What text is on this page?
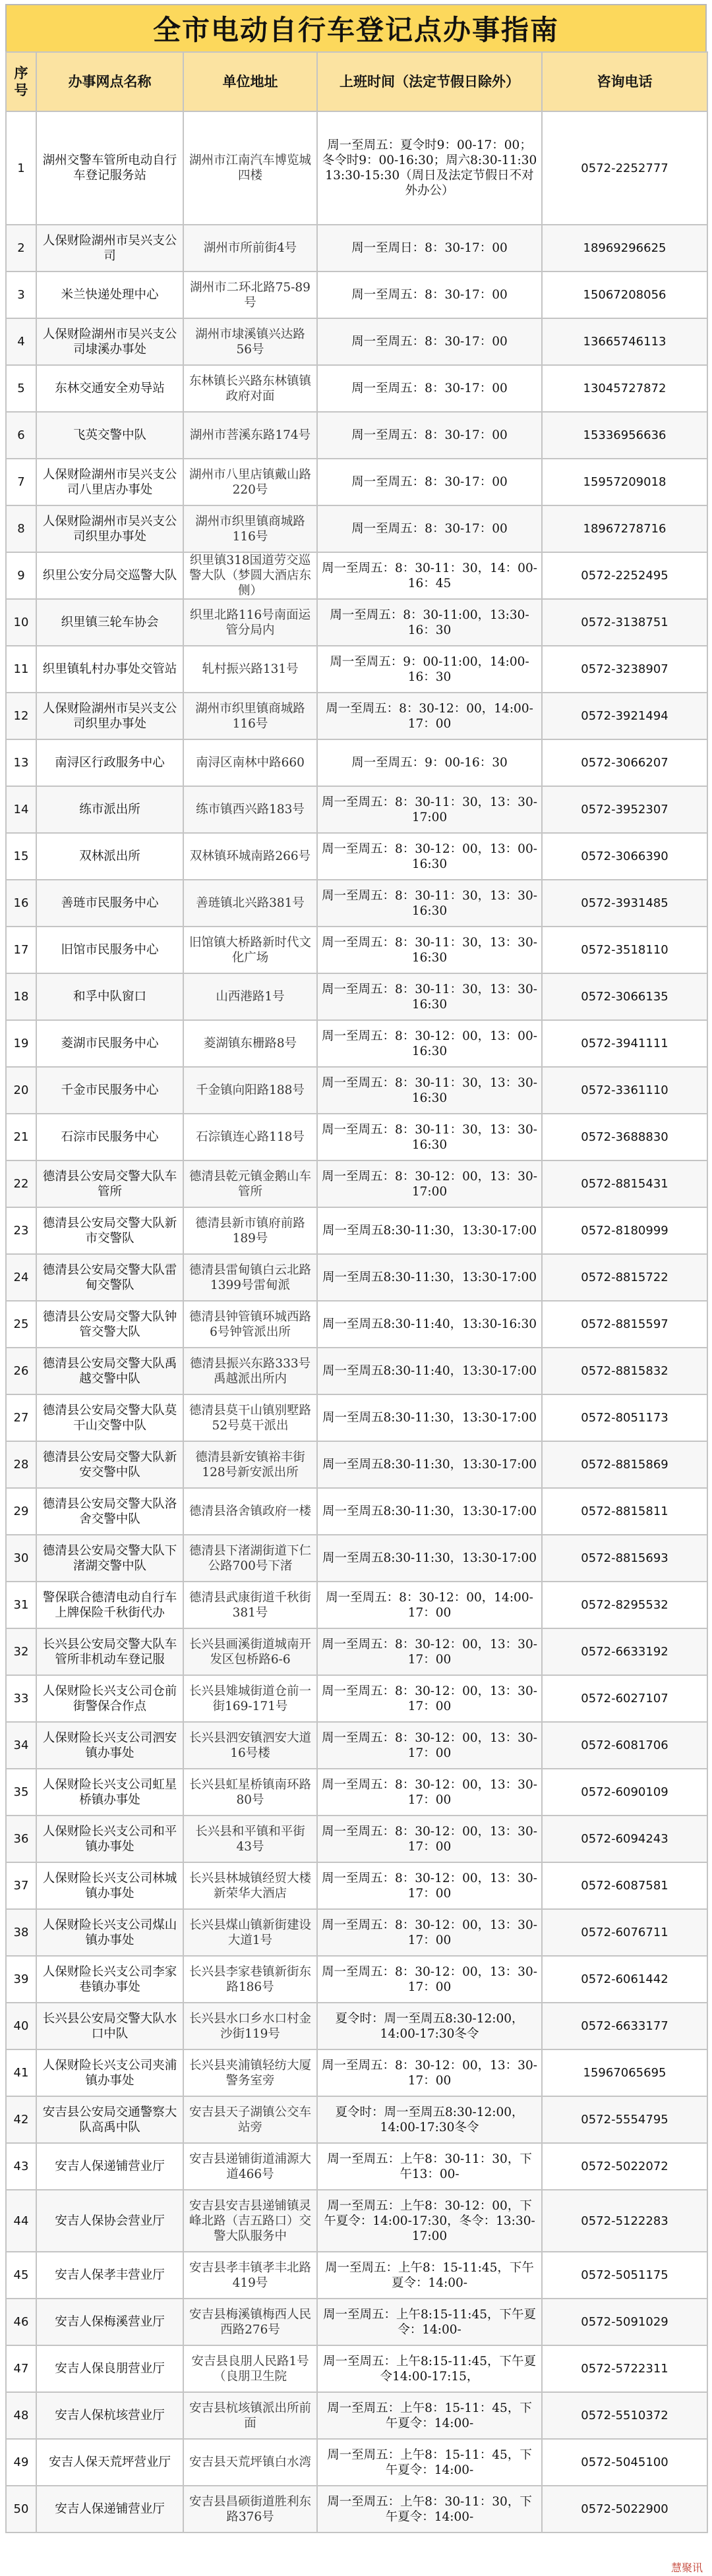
全市电动自行车登记点办事指南
序号	办事网点名称	单位地址	上班时间（法定节假日除外）	咨询电话
1	湖州交警车管所电动自行车登记服务站	湖州市江南汽车博览城四楼	周一至周五：夏令时9：00-17：00；冬令时9：00-16:30；周六8:30-11:30 13:30-15:30（周日及法定节假日不对外办公）	0572-2252777
2	人保财险湖州市吴兴支公司	湖州市所前街4号	周一至周日：8：30-17：00	18969296625
3	米兰快递处理中心	湖州市二环北路75-89号	周一至周五：8：30-17：00	15067208056
4	人保财险湖州市吴兴支公司埭溪办事处	湖州市埭溪镇兴达路56号	周一至周五：8：30-17：00	13665746113
5	东林交通安全劝导站	东林镇长兴路东林镇镇政府对面	周一至周五：8：30-17：00	13045727872
6	飞英交警中队	湖州市菩溪东路174号	周一至周五：8：30-17：00	15336956636
7	人保财险湖州市吴兴支公司八里店办事处	湖州市八里店镇戴山路220号	周一至周五：8：30-17：00	15957209018
8	人保财险湖州市吴兴支公司织里办事处	湖州市织里镇商城路116号	周一至周五：8：30-17：00	18967278716
9	织里公安分局交巡警大队	织里镇318国道劳交巡警大队（梦圆大酒店东侧）	周一至周五：8：30-11：30，14：00-16：45	0572-2252495
10	织里镇三轮车协会	织里北路116号南面运管分局内	周一至周五：8：30-11:00，13:30-16：30	0572-3138751
11	织里镇轧村办事处交管站	轧村振兴路131号	周一至周五：9：00-11:00，14:00-16：30	0572-3238907
12	人保财险湖州市吴兴支公司织里办事处	湖州市织里镇商城路116号	周一至周五：8：30-12：00，14:00-17：00	0572-3921494
13	南浔区行政服务中心	南浔区南林中路660	周一至周五：9：00-16：30	0572-3066207
14	练市派出所	练市镇西兴路183号	周一至周五：8：30-11：30，13：30-17:00	0572-3952307
15	双林派出所	双林镇环城南路266号	周一至周五：8：30-12：00，13：00-16:30	0572-3066390
16	善琏市民服务中心	善琏镇北兴路381号	周一至周五：8：30-11：30，13：30-16:30	0572-3931485
17	旧馆市民服务中心	旧馆镇大桥路新时代文化广场	周一至周五：8：30-11：30，13：30-16:30	0572-3518110
18	和孚中队窗口	山西港路1号	周一至周五：8：30-11：30，13：30-16:30	0572-3066135
19	菱湖市民服务中心	菱湖镇东栅路8号	周一至周五：8：30-12：00，13：00-16:30	0572-3941111
20	千金市民服务中心	千金镇向阳路188号	周一至周五：8：30-11：30，13：30-16:30	0572-3361110
21	石淙市民服务中心	石淙镇连心路118号	周一至周五：8：30-11：30，13：30-16:30	0572-3688830
22	德清县公安局交警大队车管所	德清县乾元镇金鹅山车管所	周一至周五：8：30-12：00，13：30-17:00	0572-8815431
23	德清县公安局交警大队新市交警队	德清县新市镇府前路189号	周一至周五8:30-11:30，13:30-17:00	0572-8180999
24	德清县公安局交警大队雷甸交警队	德清县雷甸镇白云北路1399号雷甸派	周一至周五8:30-11:30，13:30-17:00	0572-8815722
25	德清县公安局交警大队钟管交警大队	德清县钟管镇环城西路6号钟管派出所	周一至周五8:30-11:40，13:30-16:30	0572-8815597
26	德清县公安局交警大队禹越交警中队	德清县振兴东路333号禹越派出所内	周一至周五8:30-11:40，13:30-17:00	0572-8815832
27	德清县公安局交警大队莫干山交警中队	德清县莫干山镇别墅路52号莫干派出	周一至周五8:30-11:30，13:30-17:00	0572-8051173
28	德清县公安局交警大队新安交警中队	德清县新安镇裕丰街128号新安派出所	周一至周五8:30-11:30，13:30-17:00	0572-8815869
29	德清县公安局交警大队洛舍交警中队	德清县洛舍镇政府一楼	周一至周五8:30-11:30，13:30-17:00	0572-8815811
30	德清县公安局交警大队下渚湖交警中队	德清县下渚湖街道下仁公路700号下渚	周一至周五8:30-11:30，13:30-17:00	0572-8815693
31	警保联合德清电动自行车上牌保险千秋街代办	德清县武康街道千秋街381号	周一至周五：8：30-12：00，14:00-17：00	0572-8295532
32	长兴县公安局交警大队车管所非机动车登记服	长兴县画溪街道城南开发区包桥路6-6	周一至周五：8：30-12：00，13：30-17：00	0572-6633192
33	人保财险长兴支公司仓前街警保合作点	长兴县雉城街道仓前一街169-171号	周一至周五：8：30-12：00，13：30-17：00	0572-6027107
34	人保财险长兴支公司泗安镇办事处	长兴县泗安镇泗安大道16号楼	周一至周五：8：30-12：00，13：30-17：00	0572-6081706
35	人保财险长兴支公司虹星桥镇办事处	长兴县虹星桥镇南环路80号	周一至周五：8：30-12：00，13：30-17：00	0572-6090109
36	人保财险长兴支公司和平镇办事处	长兴县和平镇和平街43号	周一至周五：8：30-12：00，13：30-17：00	0572-6094243
37	人保财险长兴支公司林城镇办事处	长兴县林城镇经贸大楼新荣华大酒店	周一至周五：8：30-12：00，13：30-17：00	0572-6087581
38	人保财险长兴支公司煤山镇办事处	长兴县煤山镇新街建设大道1号	周一至周五：8：30-12：00，13：30-17：00	0572-6076711
39	人保财险长兴支公司李家巷镇办事处	长兴县李家巷镇新街东路186号	周一至周五：8：30-12：00，13：30-17：00	0572-6061442
40	长兴县公安局交警大队水口中队	长兴县水口乡水口村金沙街119号	夏令时：周一至周五8:30-12:00，14:00-17:30冬令	0572-6633177
41	人保财险长兴支公司夹浦镇办事处	长兴县夹浦镇轻纺大厦警务室旁	周一至周五：8：30-12：00，13：30-17：00	15967065695
42	安吉县公安局交通警察大队高禹中队	安吉县天子湖镇公交车站旁	夏令时：周一至周五8:30-12:00，14:00-17:30冬令	0572-5554795
43	安吉人保递铺营业厅	安吉县递铺街道浦源大道466号	周一至周五：上午8：30-11：30，下午13：00-	0572-5022072
44	安吉人保协会营业厅	安吉县安吉县递铺镇灵峰北路（吉五路口）交警大队服务中	周一至周五：上午8：30-12：00，下午夏令：14:00-17:30，冬令：13:30-17:00	0572-5122283
45	安吉人保孝丰营业厅	安吉县孝丰镇孝丰北路419号	周一至周五：上午8：15-11:45，下午夏令：14:00-	0572-5051175
46	安吉人保梅溪营业厅	安吉县梅溪镇梅西人民西路276号	周一至周五：上午8:15-11:45，下午夏令：14:00-	0572-5091029
47	安吉人保良朋营业厅	安吉县良朋人民路1号（良朋卫生院	周一至周五：上午8:15-11:45，下午夏令14:00-17:15，	0572-5722311
48	安吉人保杭垓营业厅	安吉县杭垓镇派出所前面	周一至周五：上午8：15-11：45，下午夏令：14:00-	0572-5510372
49	安吉人保天荒坪营业厅	安吉县天荒坪镇白水湾	周一至周五：上午8：15-11：45，下午夏令：14:00-	0572-5045100
50	安吉人保递铺营业厅	安吉县昌硕街道胜利东路376号	周一至周五：上午8：30-11：30，下午夏令：14:00-	0572-5022900
慧聚讯
